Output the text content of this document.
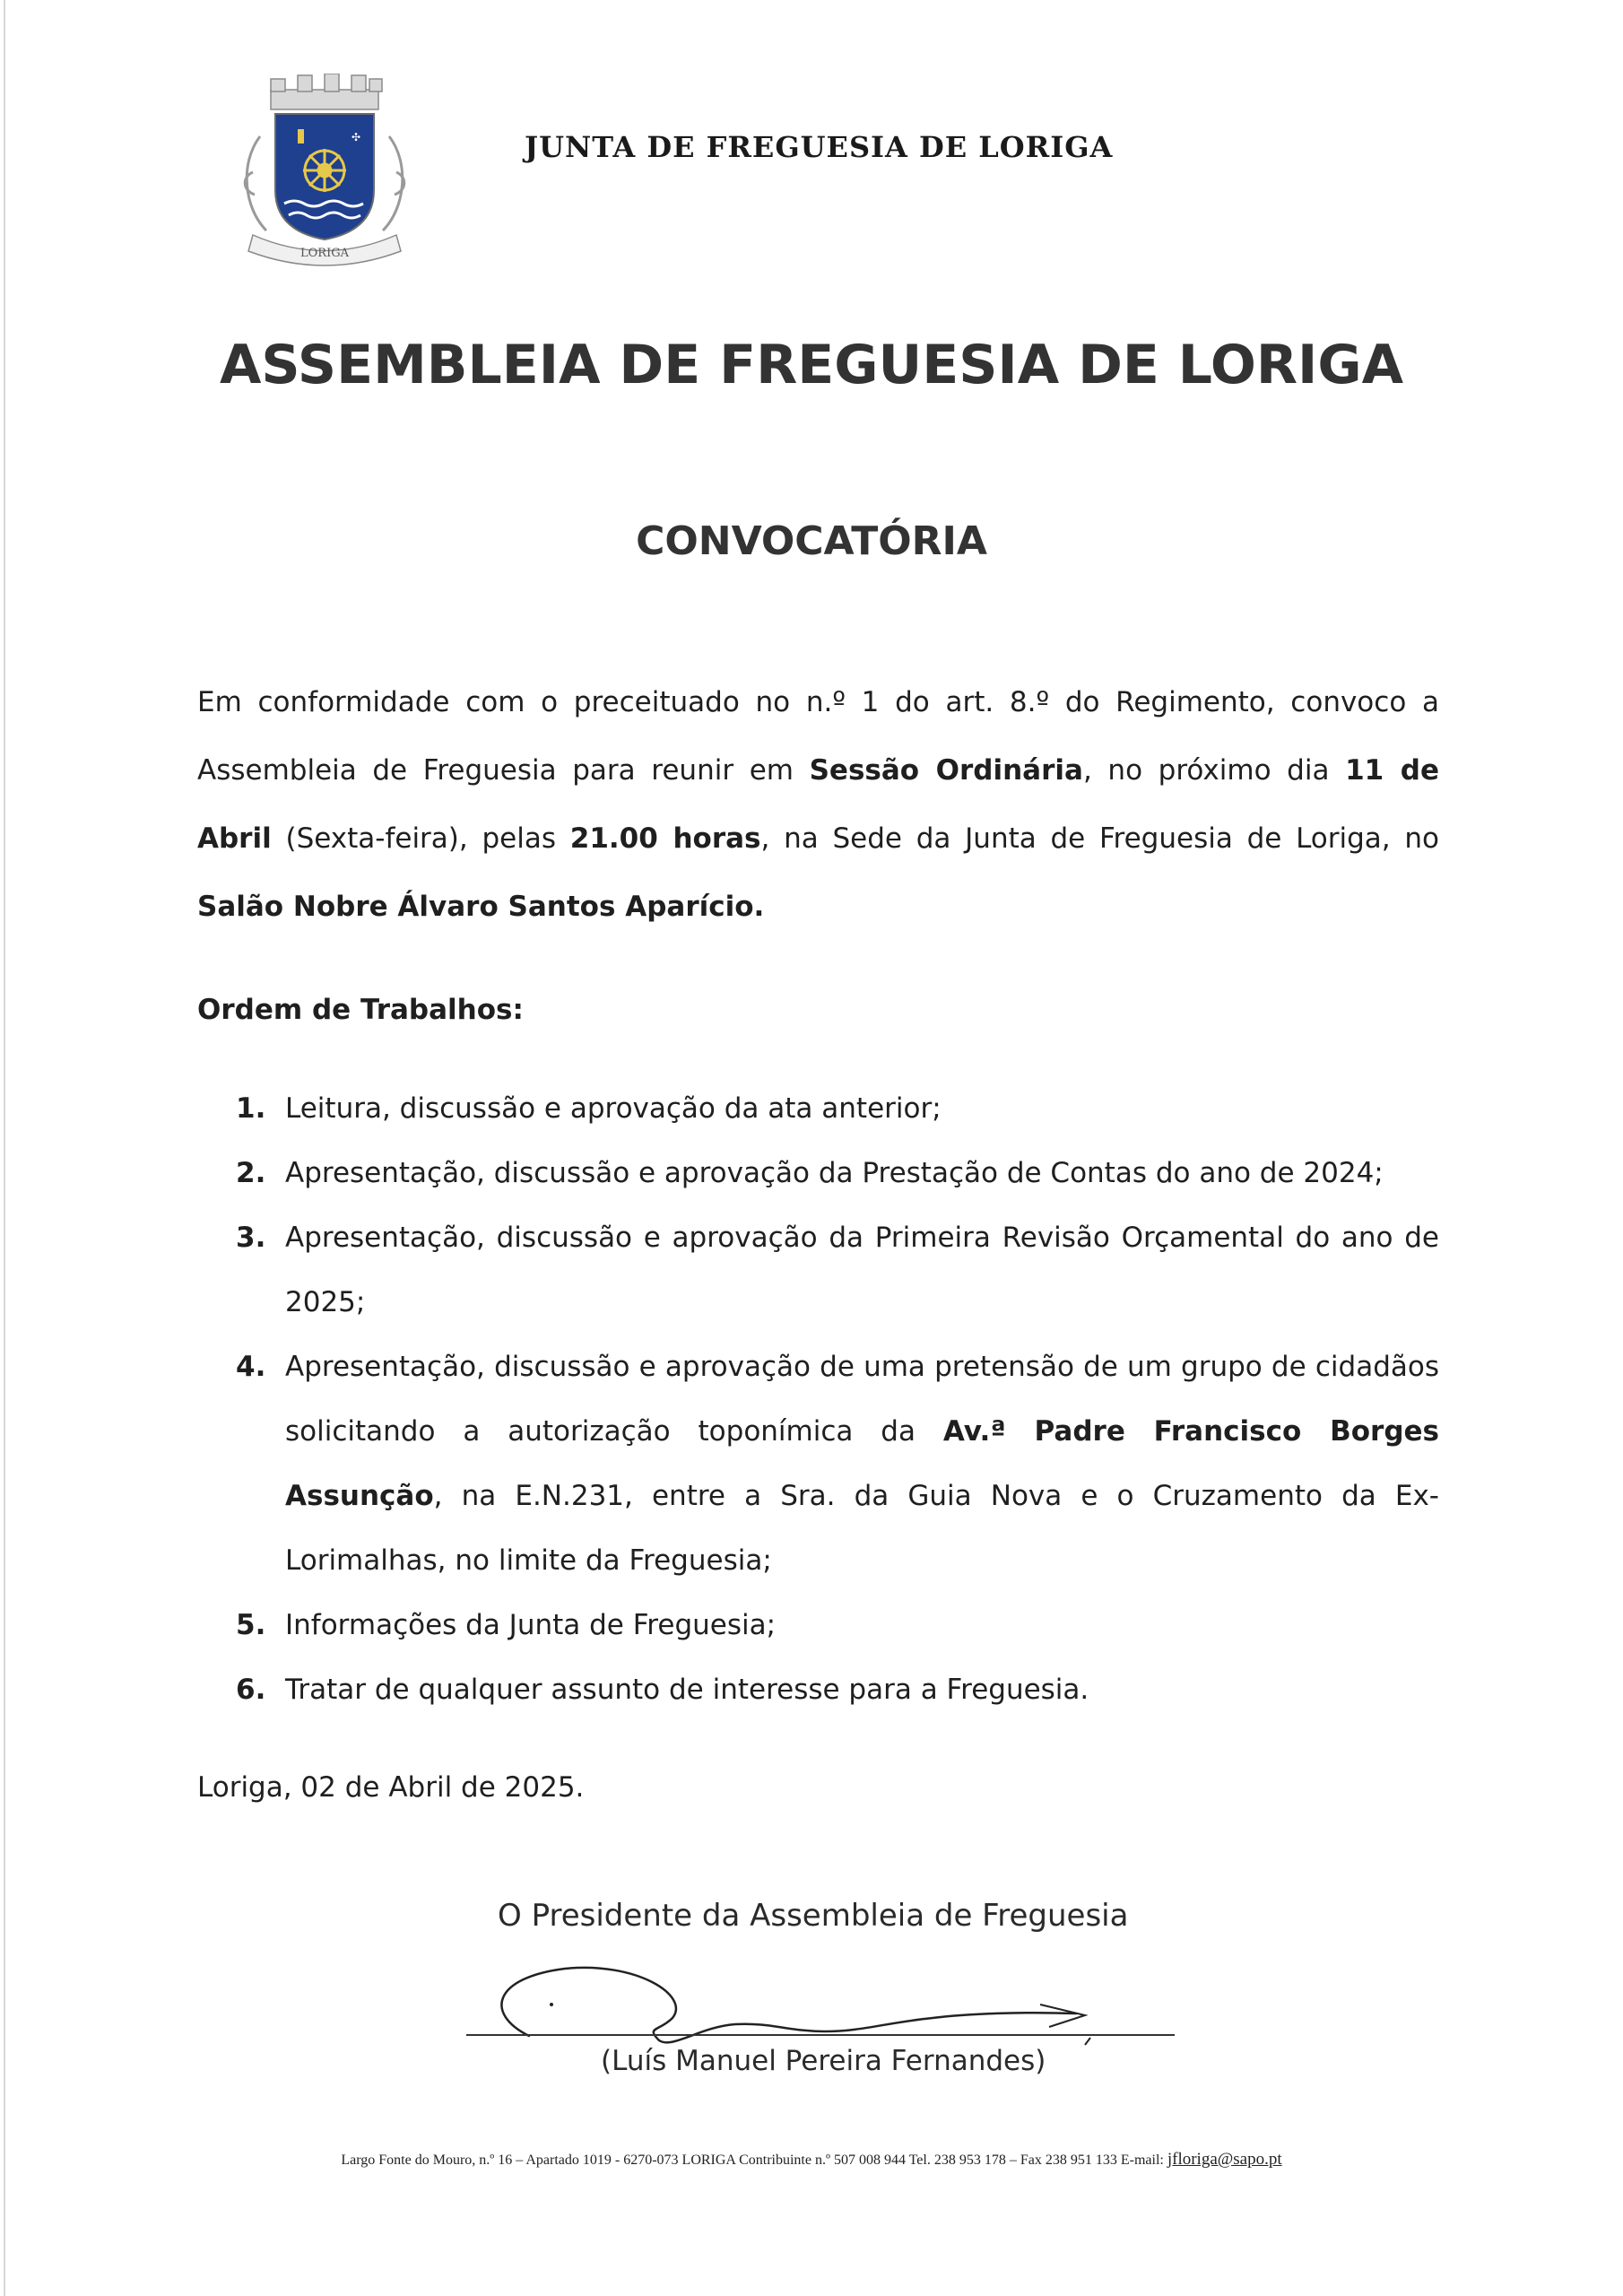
✣
LORIGA
JUNTA DE FREGUESIA DE LORIGA
ASSEMBLEIA DE FREGUESIA DE LORIGA
CONVOCATÓRIA
Em conformidade com o preceituado no n.º 1 do art. 8.º do Regimento, convoco a Assembleia de Freguesia para reunir em Sessão Ordinária, no próximo dia 11 de Abril (Sexta-feira), pelas 21.00 horas, na Sede da Junta de Freguesia de Loriga, no Salão Nobre Álvaro Santos Aparício.
Ordem de Trabalhos:
1. Leitura, discussão e aprovação da ata anterior;
2. Apresentação, discussão e aprovação da Prestação de Contas do ano de 2024;
3. Apresentação, discussão e aprovação da Primeira Revisão Orçamental do ano de 2025;
4. Apresentação, discussão e aprovação de uma pretensão de um grupo de cidadãos solicitando a autorização toponímica da Av.ª Padre Francisco Borges Assunção, na E.N.231, entre a Sra. da Guia Nova e o Cruzamento da Ex-Lorimalhas, no limite da Freguesia;
5. Informações da Junta de Freguesia;
6. Tratar de qualquer assunto de interesse para a Freguesia.
Loriga, 02 de Abril de 2025.
O Presidente da Assembleia de Freguesia
(Luís Manuel Pereira Fernandes)
Largo Fonte do Mouro, n.º 16 – Apartado 1019 - 6270-073 LORIGA Contribuinte n.º 507 008 944 Tel. 238 953 178 – Fax 238 951 133 E-mail: jfloriga@sapo.pt
